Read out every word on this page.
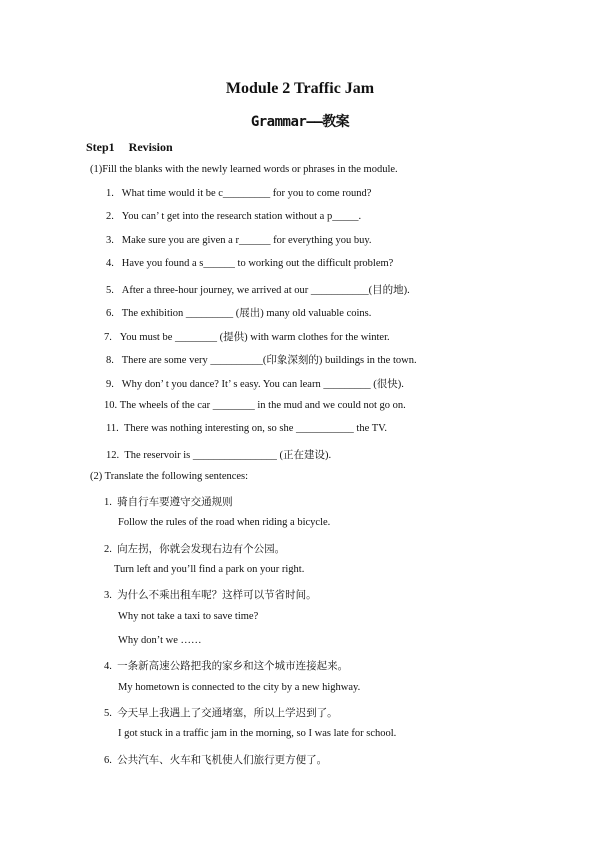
Module 2 Traffic Jam
Grammar——教案
Step1 Revision
(1)Fill the blanks with the newly learned words or phrases in the module.
1. What time would it be c_________ for you to come round?
2. You can’ t get into the research station without a p_____.
3. Make sure you are given a r______ for everything you buy.
4. Have you found a s______ to working out the difficult problem?
5. After a three-hour journey, we arrived at our ___________(目的地).
6. The exhibition _________ (展出) many old valuable coins.
7. You must be ________ (提供) with warm clothes for the winter.
8. There are some very __________(印象深刻的) buildings in the town.
9. Why don’ t you dance? It’ s easy. You can learn _________ (很快).
10. The wheels of the car ________ in the mud and we could not go on.
11. There was nothing interesting on, so she ___________ the TV.
12. The reservoir is ________________ (正在建设).
(2) Translate the following sentences:
1. 骑自行车要遵守交通规则
Follow the rules of the road when riding a bicycle.
2. 向左拐，你就会发现右边有个公园。
Turn left and you’ll find a park on your right.
3. 为什么不乘出租车呢？这样可以节省时间。
Why not take a taxi to save time?
Why don’t we ……
4. 一条新高速公路把我的家乡和这个城市连接起来。
My hometown is connected to the city by a new highway.
5. 今天早上我遇上了交通堵塞，所以上学迟到了。
I got stuck in a traffic jam in the morning, so I was late for school.
6. 公共汽车、火车和飞机使人们旅行更方便了。
